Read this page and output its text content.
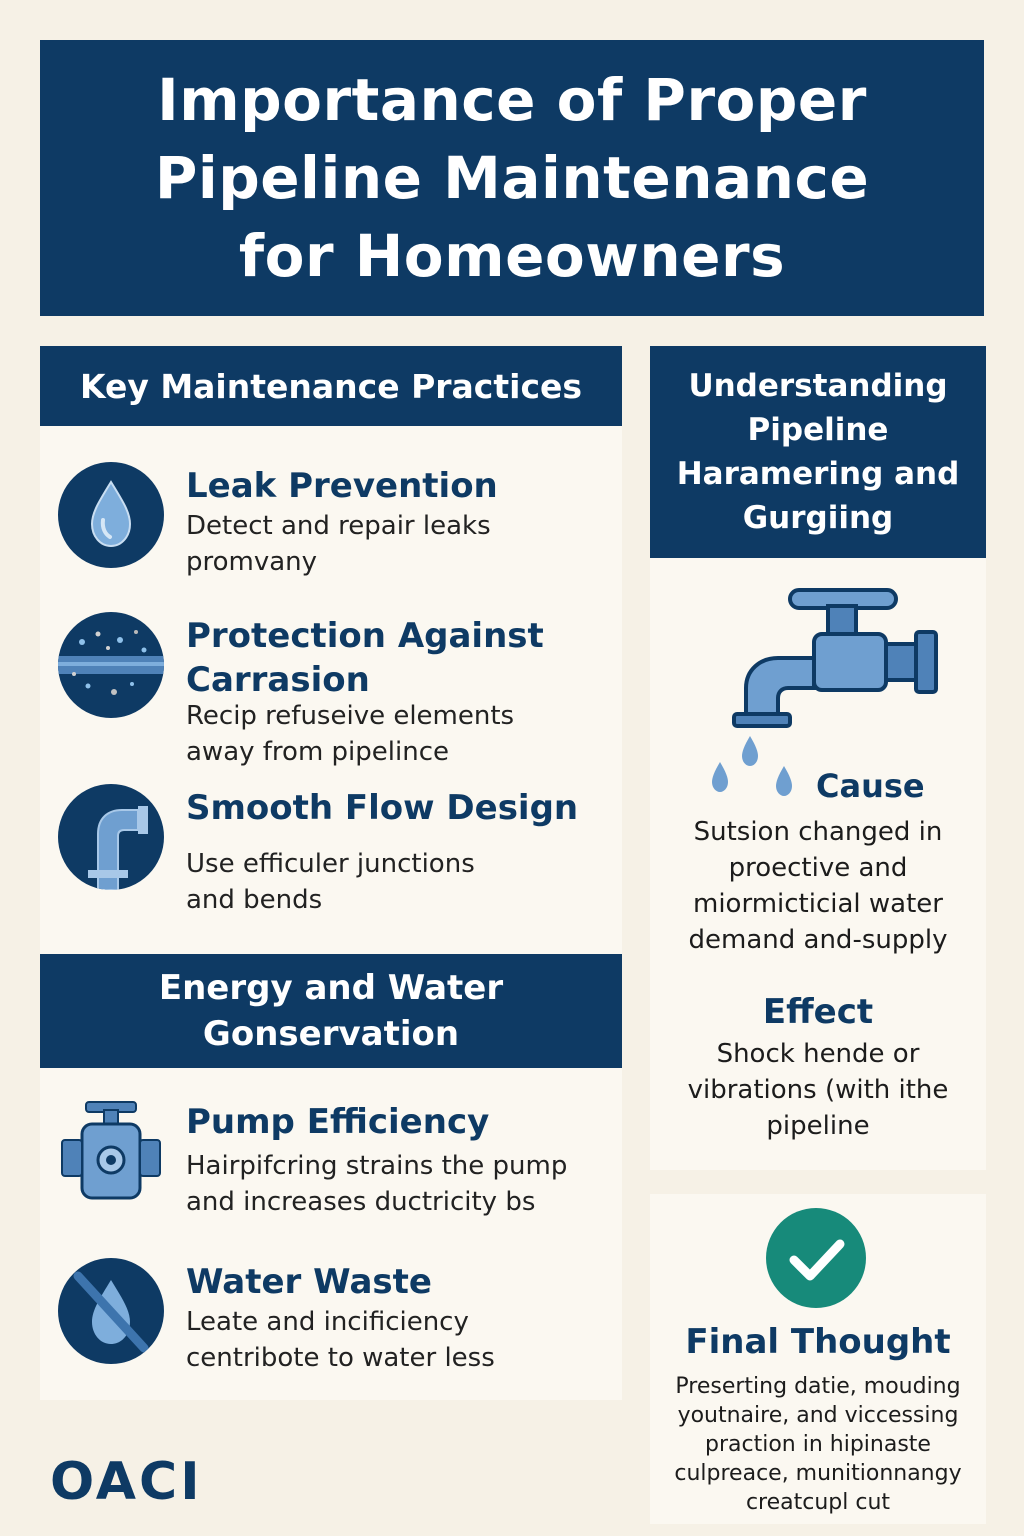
Importance of Proper
Pipeline Maintenance
for Homeowners
Key Maintenance Practices
Leak Prevention
Detect and repair leaks
promvany
Protection Against
Carrasion
Recip refuseive elements
away from pipelince
Smooth Flow Design
Use efficuler junctions
and bends
Energy and Water
Gonservation
Pump Efficiency
Hairpifcring strains the pump
and increases ductricity bs
Water Waste
Leate and incificiency
centribote to water less
Understanding
Pipeline
Haramering and
Gurgiing
Cause
Sutsion changed in
proective and
miormicticial water
demand and-supply
Effect
Shock hende or
vibrations (with ithe
pipeline
Final Thought
Preserting datie, mouding
youtnaire, and viccessing
praction in hipinaste
culpreace, munitionnangy
creatcupl cut
OACI
